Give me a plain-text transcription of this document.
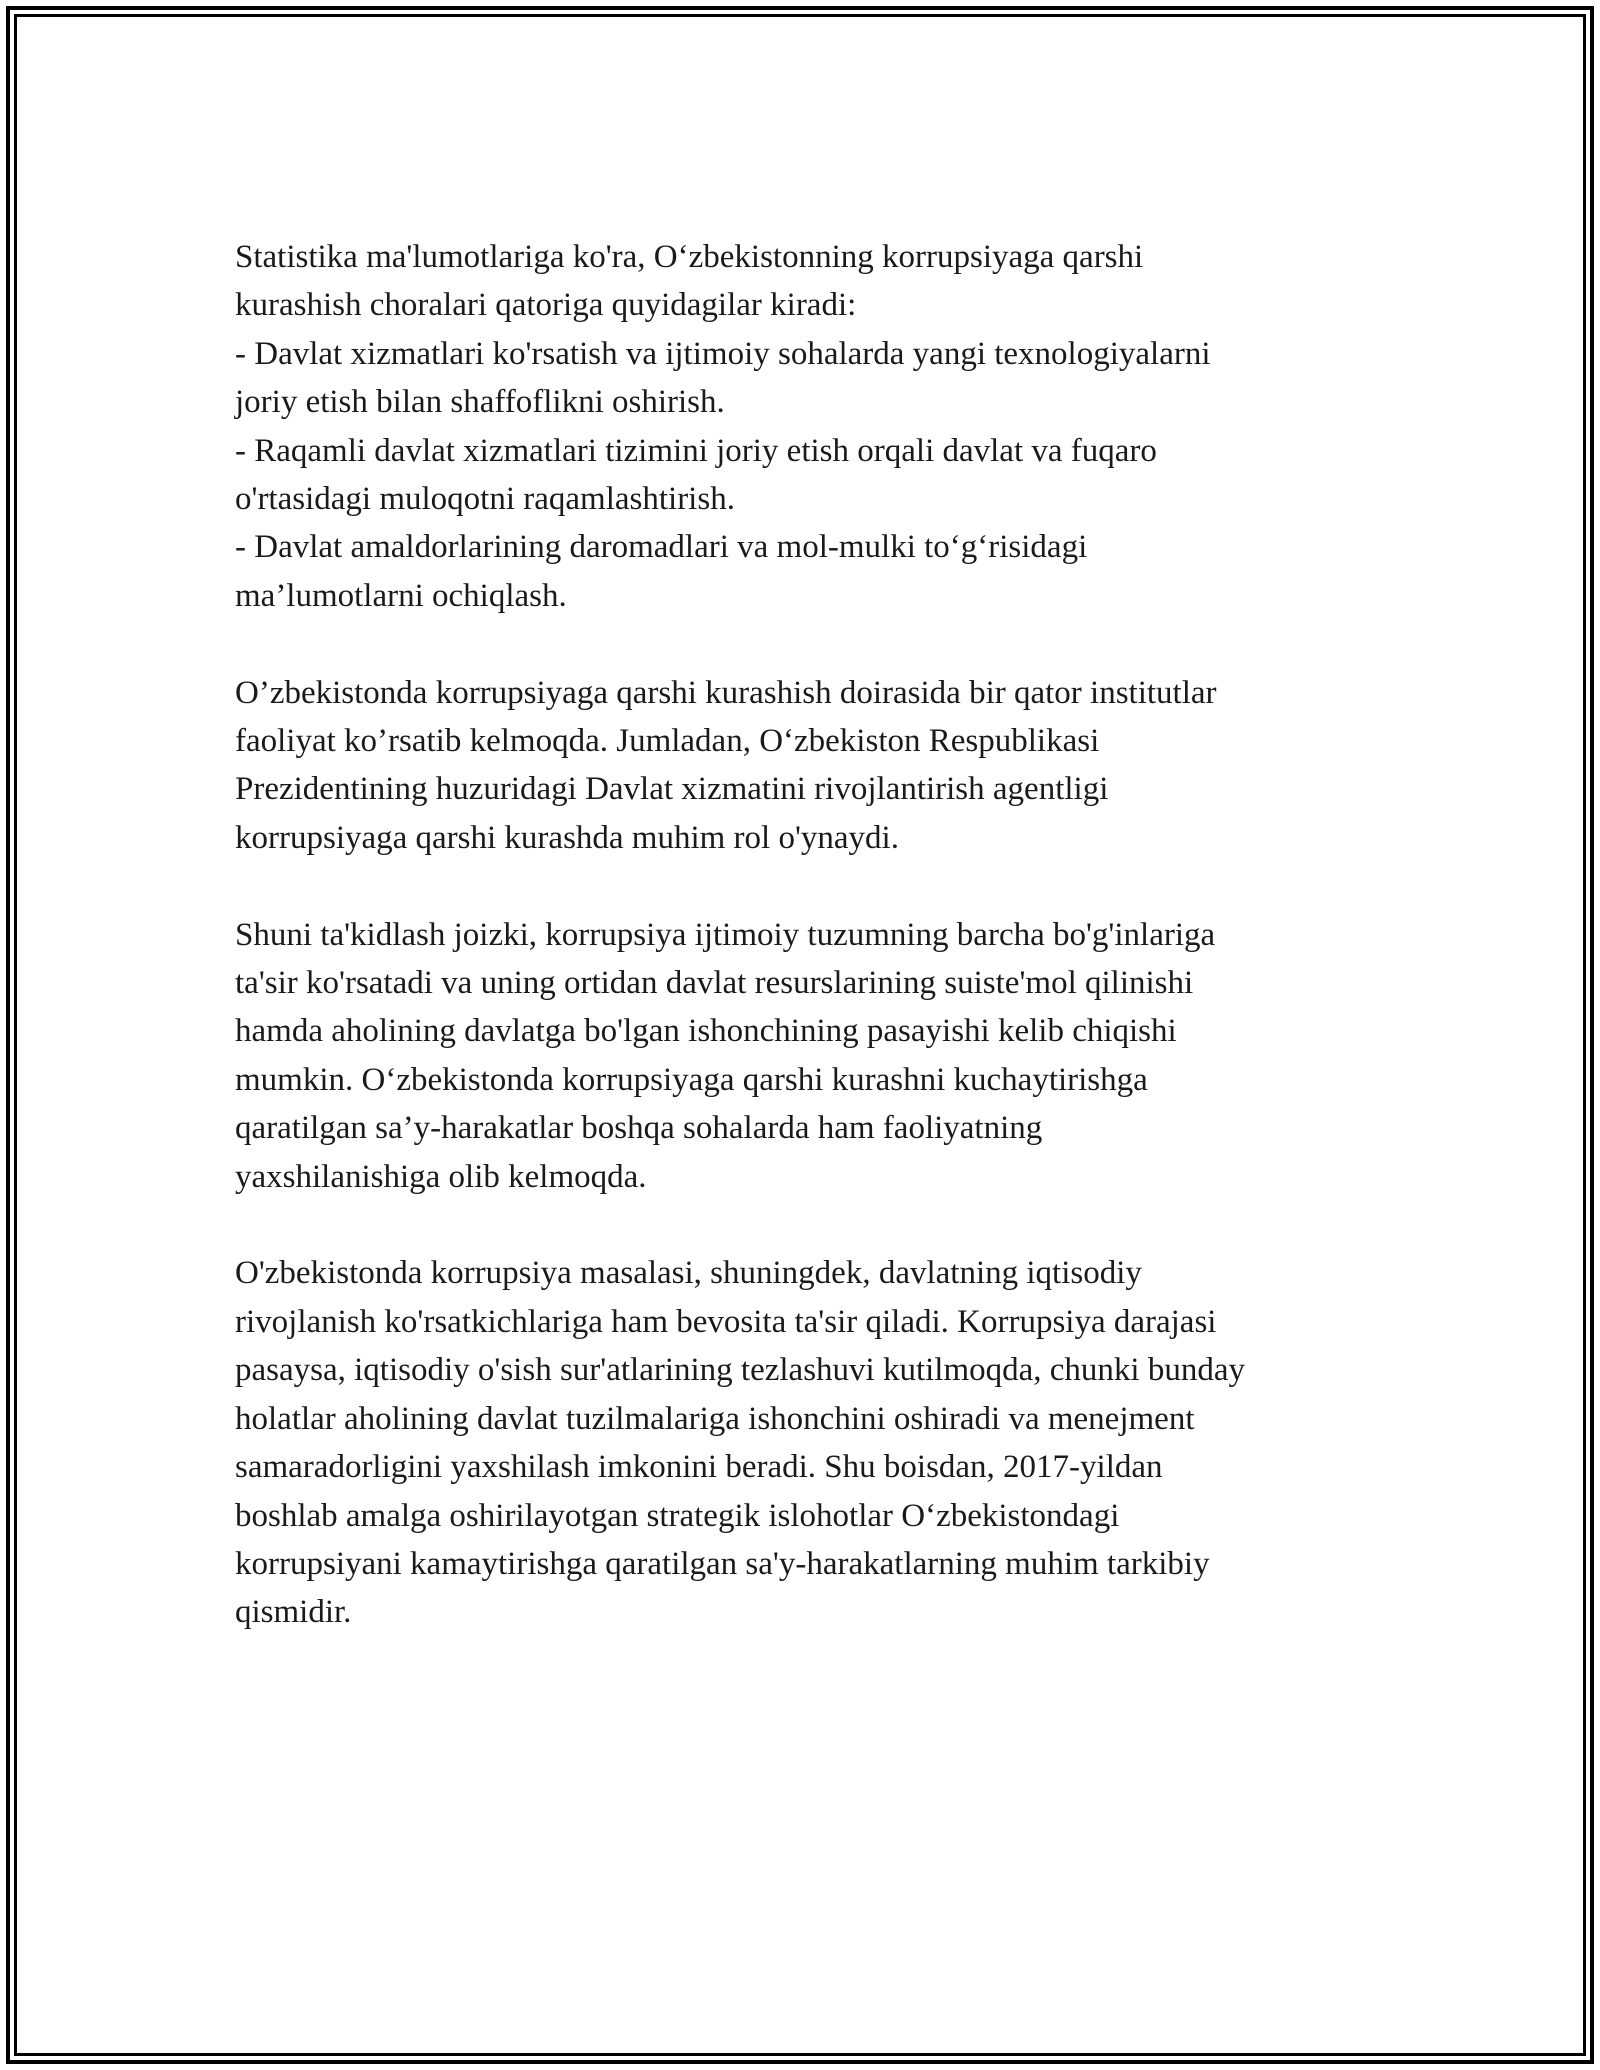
Statistika ma'lumotlariga ko'ra, O‘zbekistonning korrupsiyaga qarshi
kurashish choralari qatoriga quyidagilar kiradi:
- Davlat xizmatlari ko'rsatish va ijtimoiy sohalarda yangi texnologiyalarni
joriy etish bilan shaffoflikni oshirish.
- Raqamli davlat xizmatlari tizimini joriy etish orqali davlat va fuqaro
o'rtasidagi muloqotni raqamlashtirish.
- Davlat amaldorlarining daromadlari va mol-mulki to‘g‘risidagi
ma’lumotlarni ochiqlash.

O’zbekistonda korrupsiyaga qarshi kurashish doirasida bir qator institutlar
faoliyat ko’rsatib kelmoqda. Jumladan, O‘zbekiston Respublikasi
Prezidentining huzuridagi Davlat xizmatini rivojlantirish agentligi
korrupsiyaga qarshi kurashda muhim rol o'ynaydi.

Shuni ta'kidlash joizki, korrupsiya ijtimoiy tuzumning barcha bo'g'inlariga
ta'sir ko'rsatadi va uning ortidan davlat resurslarining suiste'mol qilinishi
hamda aholining davlatga bo'lgan ishonchining pasayishi kelib chiqishi
mumkin. O‘zbekistonda korrupsiyaga qarshi kurashni kuchaytirishga
qaratilgan sa’y-harakatlar boshqa sohalarda ham faoliyatning
yaxshilanishiga olib kelmoqda.

O'zbekistonda korrupsiya masalasi, shuningdek, davlatning iqtisodiy
rivojlanish ko'rsatkichlariga ham bevosita ta'sir qiladi. Korrupsiya darajasi
pasaysa, iqtisodiy o'sish sur'atlarining tezlashuvi kutilmoqda, chunki bunday
holatlar aholining davlat tuzilmalariga ishonchini oshiradi va menejment
samaradorligini yaxshilash imkonini beradi. Shu boisdan, 2017-yildan
boshlab amalga oshirilayotgan strategik islohotlar O‘zbekistondagi
korrupsiyani kamaytirishga qaratilgan sa'y-harakatlarning muhim tarkibiy
qismidir.
